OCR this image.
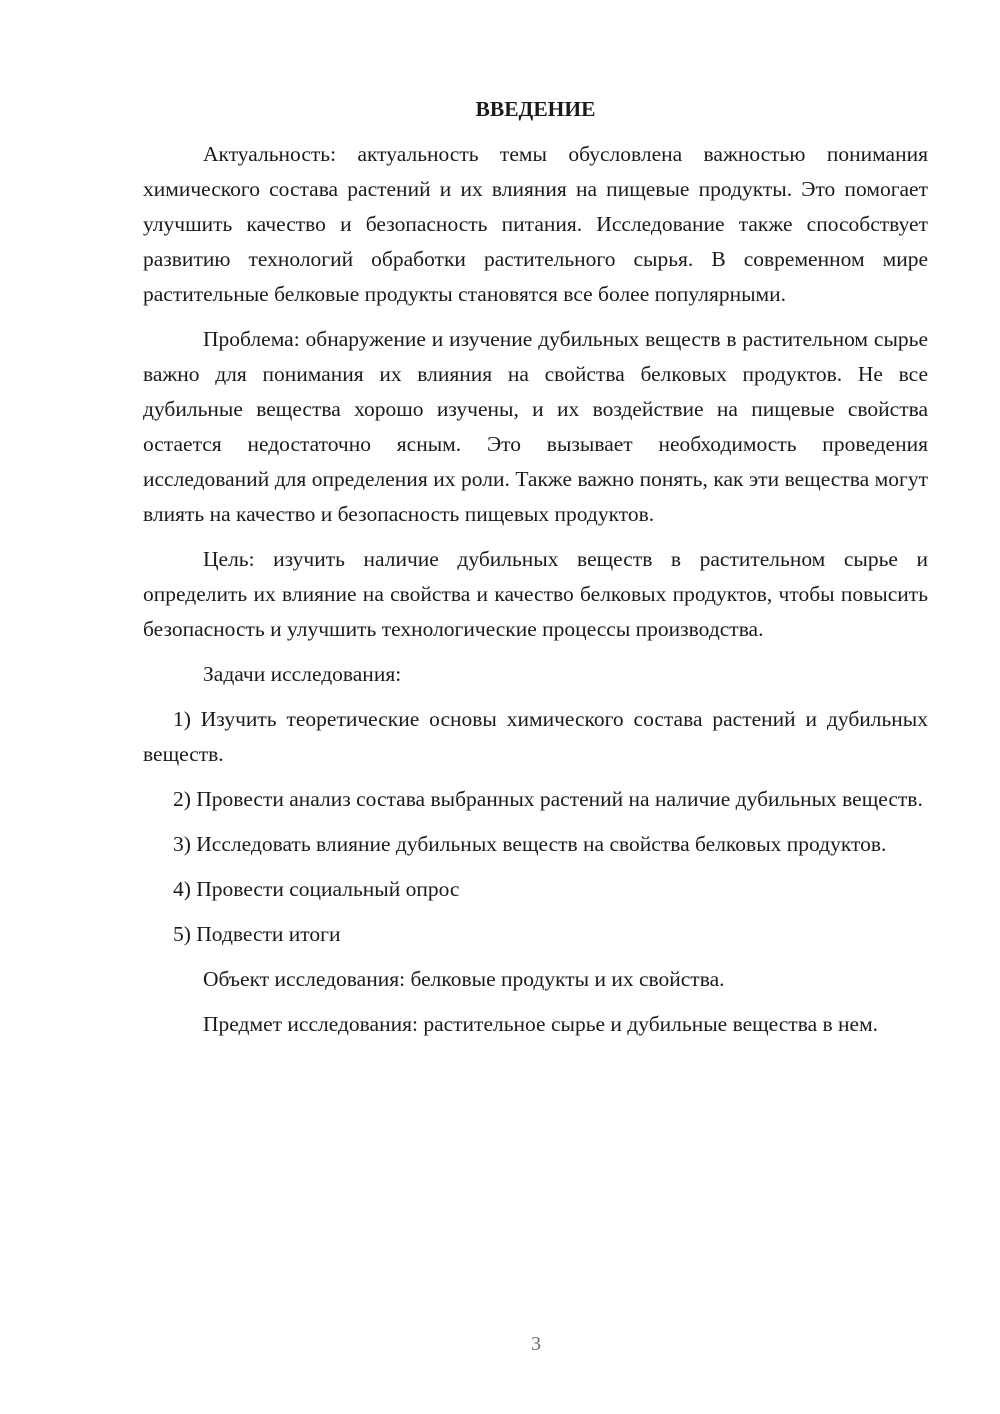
ВВЕДЕНИЕ

Актуальность: актуальность темы обусловлена важностью понимания химического состава растений и их влияния на пищевые продукты. Это помогает улучшить качество и безопасность питания. Исследование также способствует развитию технологий обработки растительного сырья. В современном мире растительные белковые продукты становятся все более популярными.

Проблема: обнаружение и изучение дубильных веществ в растительном сырье важно для понимания их влияния на свойства белковых продуктов. Не все дубильные вещества хорошо изучены, и их воздействие на пищевые свойства остается недостаточно ясным. Это вызывает необходимость проведения исследований для определения их роли. Также важно понять, как эти вещества могут влиять на качество и безопасность пищевых продуктов.

Цель: изучить наличие дубильных веществ в растительном сырье и определить их влияние на свойства и качество белковых продуктов, чтобы повысить безопасность и улучшить технологические процессы производства.

Задачи исследования:

1) Изучить теоретические основы химического состава растений и дубильных веществ.

2) Провести анализ состава выбранных растений на наличие дубильных веществ.

3) Исследовать влияние дубильных веществ на свойства белковых продуктов.

4) Провести социальный опрос

5) Подвести итоги

Объект исследования: белковые продукты и их свойства.

Предмет исследования: растительное сырье и дубильные вещества в нем.

3
